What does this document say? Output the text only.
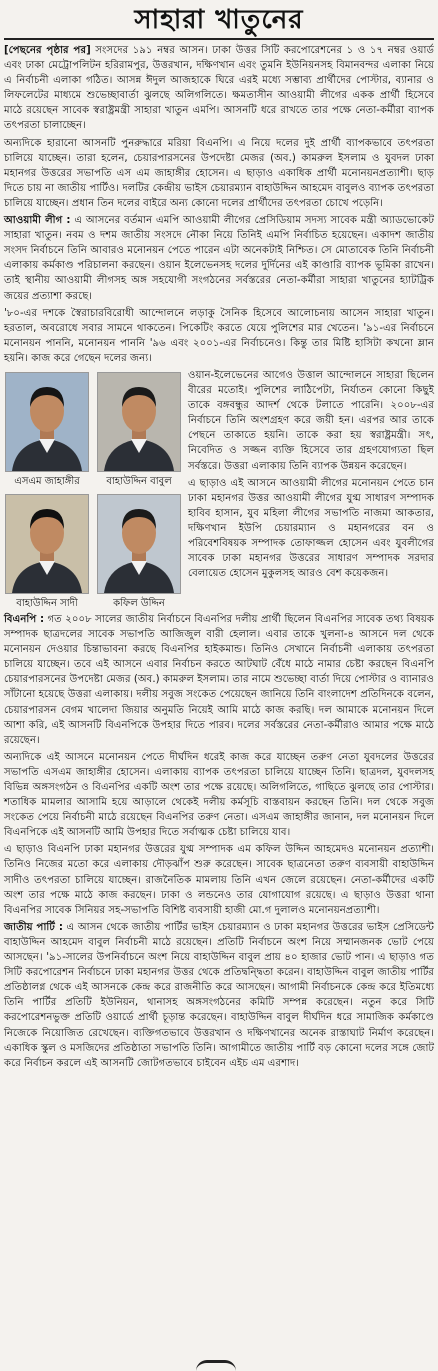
সাহারা খাতুনের

[পেছনের পৃষ্ঠার পর] সংসদের ১৯১ নম্বর আসন। ঢাকা উত্তর সিটি করপোরেশনের ১ ও ১৭ নম্বর ওয়ার্ড এবং ঢাকা মেট্রোপলিটন হরিরামপুর, উত্তরখান, দক্ষিণখান এবং তুমনি ইউনিয়নসহ বিমানবন্দর এলাকা নিয়ে এ নির্বাচনী এলাকা গঠিত। আসন্ন ঈদুল আজহাকে ঘিরে এরই মধ্যে সম্ভাব্য প্রার্থীদের পোস্টার, ব্যানার ও লিফলেটের মাধ্যমে শুভেচ্ছাবার্তা ঝুলছে অলিগলিতে। ক্ষমতাসীন আওয়ামী লীগের একক প্রার্থী হিসেবে মাঠে রয়েছেন সাবেক স্বরাষ্ট্রমন্ত্রী সাহারা খাতুন এমপি। আসনটি ধরে রাখতে তার পক্ষে নেতা-কর্মীরা ব্যাপক তৎপরতা চালাচ্ছেন।

অন্যদিকে হারানো আসনটি পুনরুদ্ধারে মরিয়া বিএনপি। এ নিয়ে দলের দুই প্রার্থী ব্যাপকভাবে তৎপরতা চালিয়ে যাচ্ছেন। তারা হলেন, চেয়ারপারসনের উপদেষ্টা মেজর (অব.) কামরুল ইসলাম ও যুবদল ঢাকা মহানগর উত্তরের সভাপতি এস এম জাহাঙ্গীর হোসেন। এ ছাড়াও একাধিক প্রার্থী মনোনয়নপ্রত্যাশী। ছাড় দিতে চায় না জাতীয় পার্টিও। দলটির কেন্দ্রীয় ভাইস চেয়ারম্যান বাহাউদ্দিন আহমেদ বাবুলও ব্যাপক তৎপরতা চালিয়ে যাচ্ছেন। প্রধান তিন দলের বাইরে অন্য কোনো দলের প্রার্থীদের তৎপরতা চোখে পড়েনি।

আওয়ামী লীগ : এ আসনের বর্তমান এমপি আওয়ামী লীগের প্রেসিডিয়াম সদস্য সাবেক মন্ত্রী অ্যাডভোকেট সাহারা খাতুন। নবম ও দশম জাতীয় সংসদে নৌকা নিয়ে তিনিই এমপি নির্বাচিত হয়েছেন। একাদশ জাতীয় সংসদ নির্বাচনে তিনি আবারও মনোনয়ন পেতে পারেন এটা অনেকটাই নিশ্চিত। সে মোতাবেক তিনি নির্বাচনী এলাকায় কর্মকাণ্ড পরিচালনা করছেন। ওয়ান ইলেভেনসহ দলের দুর্দিনের এই কাণ্ডারি ব্যাপক ভূমিকা রাখেন। তাই স্থানীয় আওয়ামী লীগসহ অঙ্গ সহযোগী সংগঠনের সর্বস্তরের নেতা-কর্মীরা সাহারা খাতুনের হ্যাটট্রিক জয়ের প্রত্যাশা করছে।

'৮০-এর দশকে স্বৈরাচারবিরোধী আন্দোলনে লড়াকু সৈনিক হিসেবে আলোচনায় আসেন সাহারা খাতুন। হরতাল, অবরোধে সবার সামনে থাকতেন। পিকেটিং করতে যেয়ে পুলিশের মার খেতেন। '৯১-এর নির্বাচনে মনোনয়ন পাননি, মনোনয়ন পাননি '৯৬ এবং ২০০১-এর নির্বাচনেও। কিন্তু তার মিষ্টি হাসিটা কখনো ম্লান হয়নি। কাজ করে গেছেন দলের জন্য।

এসএম জাহাঙ্গীর	বাহাউদ্দিন বাবুল
বাহাউদ্দিন সাদী	কফিল উদ্দিন

ওয়ান-ইলেভেনের আগেও উত্তাল আন্দোলনে সাহারা ছিলেন বীরের মতোই। পুলিশের লাঠিপেটা, নির্যাতন কোনো কিছুই তাকে বঙ্গবন্ধুর আদর্শ থেকে টলাতে পারেনি। ২০০৮-এর নির্বাচনে তিনি অংশগ্রহণ করে জয়ী হন। এরপর আর তাকে পেছনে তাকাতে হয়নি। তাকে করা হয় স্বরাষ্ট্রমন্ত্রী। সৎ, নিবেদিত ও সজ্জন ব্যক্তি হিসেবে তার গ্রহণযোগ্যতা ছিল সর্বস্তরে। উত্তরা এলাকায় তিনি ব্যাপক উন্নয়ন করেছেন।

এ ছাড়াও এই আসনে আওয়ামী লীগের মনোনয়ন পেতে চান ঢাকা মহানগর উত্তর আওয়ামী লীগের যুগ্ম সাধারণ সম্পাদক হাবিব হাসান, যুব মহিলা লীগের সভাপতি নাজমা আকতার, দক্ষিণখান ইউপি চেয়ারম্যান ও মহানগরের বন ও পরিবেশবিষয়ক সম্পাদক তোফাজ্জল হোসেন এবং যুবলীগের সাবেক ঢাকা মহানগর উত্তরের সাধারণ সম্পাদক সরদার বেলায়েত হোসেন মুকুলসহ আরও বেশ কয়েকজন।

বিএনপি : গত ২০০৮ সালের জাতীয় নির্বাচনে বিএনপির দলীয় প্রার্থী ছিলেন বিএনপির সাবেক তথ্য বিষয়ক সম্পাদক ছাত্রদলের সাবেক সভাপতি আজিজুল বারী হেলাল। এবার তাকে খুলনা-৪ আসনে দল থেকে মনোনয়ন দেওয়ার চিন্তাভাবনা করছে বিএনপির হাইকমান্ড। তিনিও সেখানে নির্বাচনী এলাকায় তৎপরতা চালিয়ে যাচ্ছেন। তবে এই আসনে এবার নির্বাচন করতে আটঘাট বেঁধে মাঠে নামার চেষ্টা করছেন বিএনপি চেয়ারপারসনের উপদেষ্টা মেজর (অব.) কামরুল ইসলাম। তার নামে শুভেচ্ছা বার্তা দিয়ে পোস্টার ও ব্যানারও সাঁটানো হয়েছে উত্তরা এলাকায়। দলীয় সবুজ সংকেত পেয়েছেন জানিয়ে তিনি বাংলাদেশ প্রতিদিনকে বলেন, চেয়ারপারসন বেগম খালেদা জিয়ার অনুমতি নিয়েই আমি মাঠে কাজ করছি। দল আমাকে মনোনয়ন দিলে আশা করি, এই আসনটি বিএনপিকে উপহার দিতে পারব। দলের সর্বস্তরের নেতা-কর্মীরাও আমার পক্ষে মাঠে রয়েছেন।

অন্যদিকে এই আসনে মনোনয়ন পেতে দীর্ঘদিন ধরেই কাজ করে যাচ্ছেন তরুণ নেতা যুবদলের উত্তরের সভাপতি এসএম জাহাঙ্গীর হোসেন। এলাকায় ব্যাপক তৎপরতা চালিয়ে যাচ্ছেন তিনি। ছাত্রদল, যুবদলসহ বিভিন্ন অঙ্গসংগঠন ও বিএনপির একটি অংশ তার পক্ষে রয়েছে। অলিগলিতে, গাছিতে ঝুলছে তার পোস্টার। শতাধিক মামলার আসামি হয়ে আড়ালে থেকেই দলীয় কর্মসূচি বাস্তবায়ন করছেন তিনি। দল থেকে সবুজ সংকেত পেয়ে নির্বাচনী মাঠে রয়েছেন বিএনপির তরুণ নেতা। এসএম জাহাঙ্গীর জানান, দল মনোনয়ন দিলে বিএনপিকে এই আসনটি আমি উপহার দিতে সর্বাত্মক চেষ্টা চালিয়ে যাব।

এ ছাড়াও বিএনপি ঢাকা মহানগর উত্তরের যুগ্ম সম্পাদক এম কফিল উদ্দিন আহমেদও মনোনয়ন প্রত্যাশী। তিনিও নিজের মতো করে এলাকায় দৌড়ঝাঁপ শুরু করেছেন। সাবেক ছাত্রনেতা তরুণ ব্যবসায়ী বাহাউদ্দিন সাদীও তৎপরতা চালিয়ে যাচ্ছেন। রাজনৈতিক মামলায় তিনি এখন জেলে রয়েছেন। নেতা-কর্মীদের একটি অংশ তার পক্ষে মাঠে কাজ করছেন। ঢাকা ও লন্ডনেও তার যোগাযোগ রয়েছে। এ ছাড়াও উত্তরা থানা বিএনপির সাবেক সিনিয়র সহ-সভাপতি বিশিষ্ট ব্যবসায়ী হাজী মো.গ দুলালও মনোনয়নপ্রত্যাশী।

জাতীয় পার্টি : এ আসন থেকে জাতীয় পার্টির ভাইস চেয়ারম্যান ও ঢাকা মহানগর উত্তরের ভাইস প্রেসিডেন্ট বাহাউদ্দিন আহমেদ বাবুল নির্বাচনী মাঠে রয়েছেন। প্রতিটি নির্বাচনে অংশ নিয়ে সম্মানজনক ভোট পেয়ে আসছেন। '৯১-সালের উপনির্বাচনে অংশ নিয়ে বাহাউদ্দিন বাবুল প্রায় ৪০ হাজার ভোট পান। এ ছাড়াও গত সিটি করপোরেশন নির্বাচনে ঢাকা মহানগর উত্তর থেকে প্রতিদ্বন্দ্বিতা করেন। বাহাউদ্দিন বাবুল জাতীয় পার্টির প্রতিষ্ঠালগ্ন থেকে এই আসনকে কেন্দ্র করে রাজনীতি করে আসছেন। আগামী নির্বাচনকে কেন্দ্র করে ইতিমধ্যে তিনি পার্টির প্রতিটি ইউনিয়ন, থানাসহ অঙ্গসংগঠনের কমিটি সম্পন্ন করেছেন। নতুন করে সিটি করপোরেশনভুক্ত প্রতিটি ওয়ার্ডে প্রার্থী চূড়ান্ত করেছেন। বাহাউদ্দিন বাবুল দীর্ঘদিন ধরে সামাজিক কর্মকাণ্ডে নিজেকে নিয়োজিত রেখেছেন। ব্যক্তিগতভাবে উত্তরখান ও দক্ষিণখানের অনেক রাস্তাঘাট নির্মাণ করেছেন। একাধিক স্কুল ও মসজিদের প্রতিষ্ঠাতা সভাপতি তিনি। আগামীতে জাতীয় পার্টি বড় কোনো দলের সঙ্গে জোট করে নির্বাচন করলে এই আসনটি জোটগতভাবে চাইবেন এইচ এম এরশাদ।
